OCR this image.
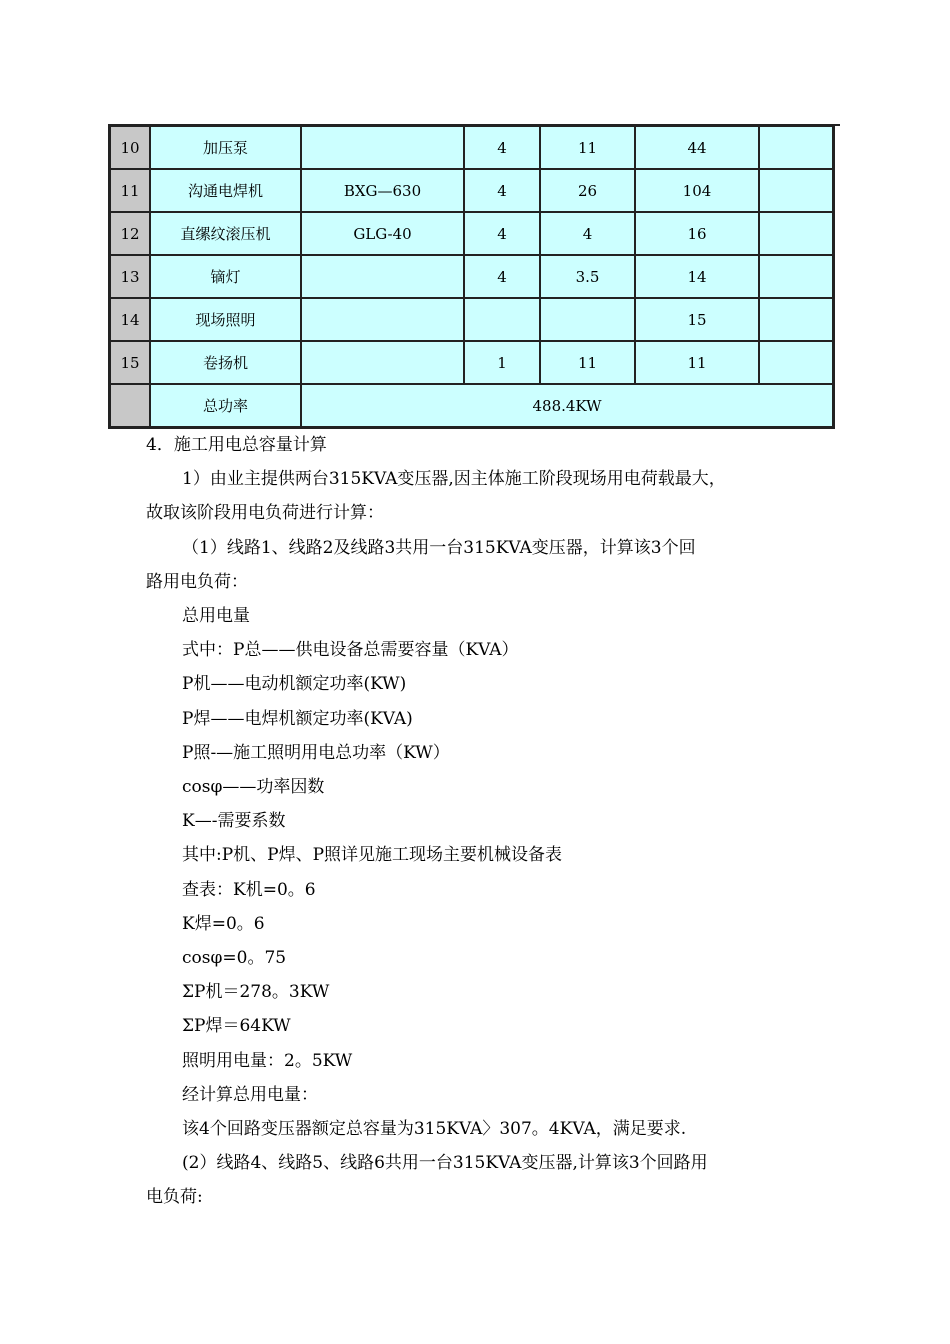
10	加压泵		4	11	44	
11	沟通电焊机	BXG—630	4	26	104	
12	直缧纹滚压机	GLG-40	4	4	16	
13	镝灯		4	3.5	14	
14	现场照明				15	
15	卷扬机		1	11	11	
	总功率	488.4KW				

4．施工用电总容量计算

1）由业主提供两台315KVA变压器,因主体施工阶段现场用电荷载最大，

故取该阶段用电负荷进行计算：

（1）线路1、线路2及线路3共用一台315KVA变压器，计算该3个回

路用电负荷：

总用电量

式中：P总——供电设备总需要容量（KVA）

P机——电动机额定功率(KW)

P焊——电焊机额定功率(KVA)

P照-—施工照明用电总功率（KW）

cosφ——功率因数

K—-需要系数

其中:P机、P焊、P照详见施工现场主要机械设备表

查表：K机=0。6

K焊=0。6

cosφ=0。75

ΣP机＝278。3KW

ΣP焊＝64KW

照明用电量：2。5KW

经计算总用电量：

该4个回路变压器额定总容量为315KVA〉307。4KVA，满足要求.

(2）线路4、线路5、线路6共用一台315KVA变压器,计算该3个回路用

电负荷:
